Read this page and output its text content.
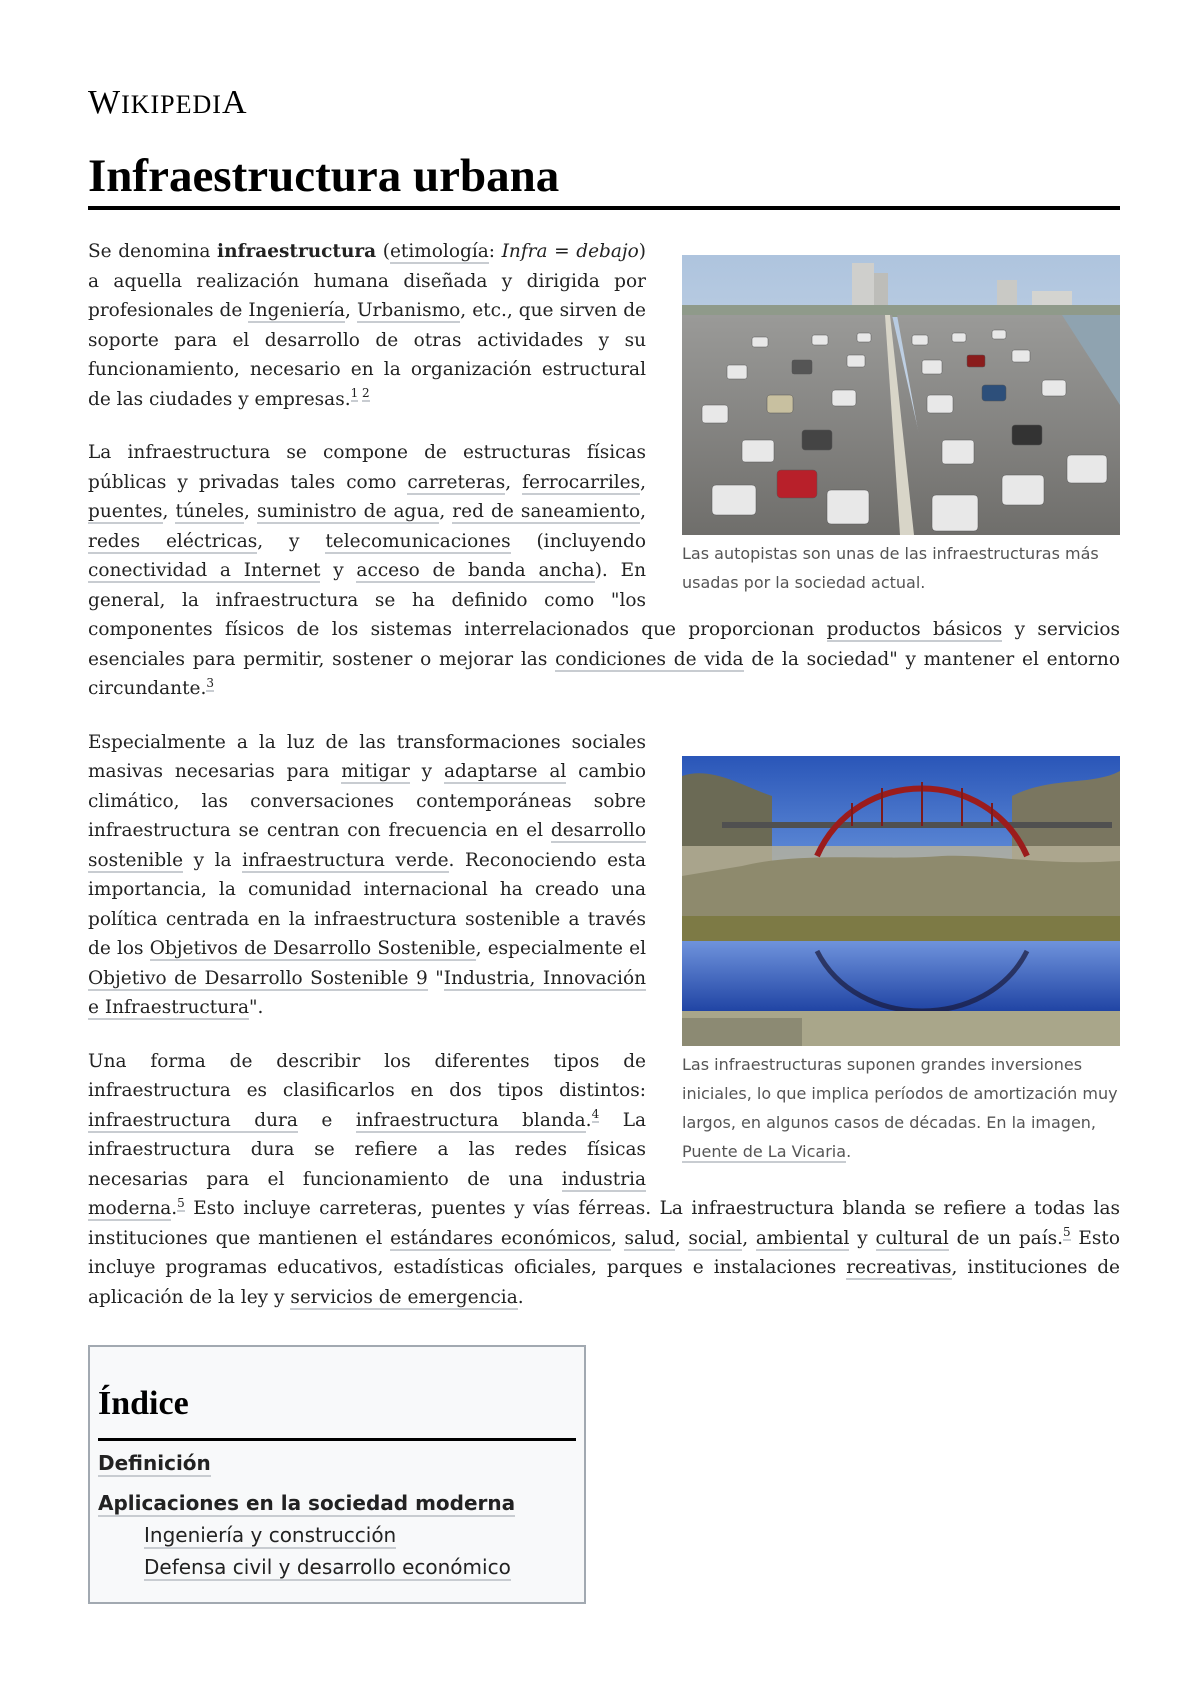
WIKIPEDIA
Infraestructura urbana
Las autopistas son unas de las infraestructuras más usadas por la sociedad actual.

Se denomina infraestructura (etimología: Infra = debajo) a aquella realización humana diseñada y dirigida por profesionales de Ingeniería, Urbanismo, etc., que sirven de soporte para el desarrollo de otras actividades y su funcionamiento, necesario en la organización estructural de las ciudades y empresas.$^{1 2}$

La infraestructura se compone de estructuras físicas públicas y privadas tales como carreteras, ferrocarriles, puentes, túneles, suministro de agua, red de saneamiento, redes eléctricas, y telecomunicaciones (incluyendo conectividad a Internet y acceso de banda ancha). En general, la infraestructura se ha definido como "los componentes físicos de los sistemas interrelacionados que proporcionan productos básicos y servicios esenciales para permitir, sostener o mejorar las condiciones de vida de la sociedad" y mantener el entorno circundante.$^3$

Las infraestructuras suponen grandes inversiones iniciales, lo que implica períodos de amortización muy largos, en algunos casos de décadas. En la imagen, Puente de La Vicaria.

Especialmente a la luz de las transformaciones sociales masivas necesarias para mitigar y adaptarse al cambio climático, las conversaciones contemporáneas sobre infraestructura se centran con frecuencia en el desarrollo sostenible y la infraestructura verde. Reconociendo esta importancia, la comunidad internacional ha creado una política centrada en la infraestructura sostenible a través de los Objetivos de Desarrollo Sostenible, especialmente el Objetivo de Desarrollo Sostenible 9 "Industria, Innovación e Infraestructura".

Una forma de describir los diferentes tipos de infraestructura es clasificarlos en dos tipos distintos: infraestructura dura e infraestructura blanda.$^4$ La infraestructura dura se refiere a las redes físicas necesarias para el funcionamiento de una industria moderna.$^5$ Esto incluye carreteras, puentes y vías férreas. La infraestructura blanda se refiere a todas las instituciones que mantienen el estándares económicos, salud, social, ambiental y cultural de un país.$^5$ Esto incluye programas educativos, estadísticas oficiales, parques e instalaciones recreativas, instituciones de aplicación de la ley y servicios de emergencia.

Índice
Definición
Aplicaciones en la sociedad moderna
Ingeniería y construcción
Defensa civil y desarrollo económico
